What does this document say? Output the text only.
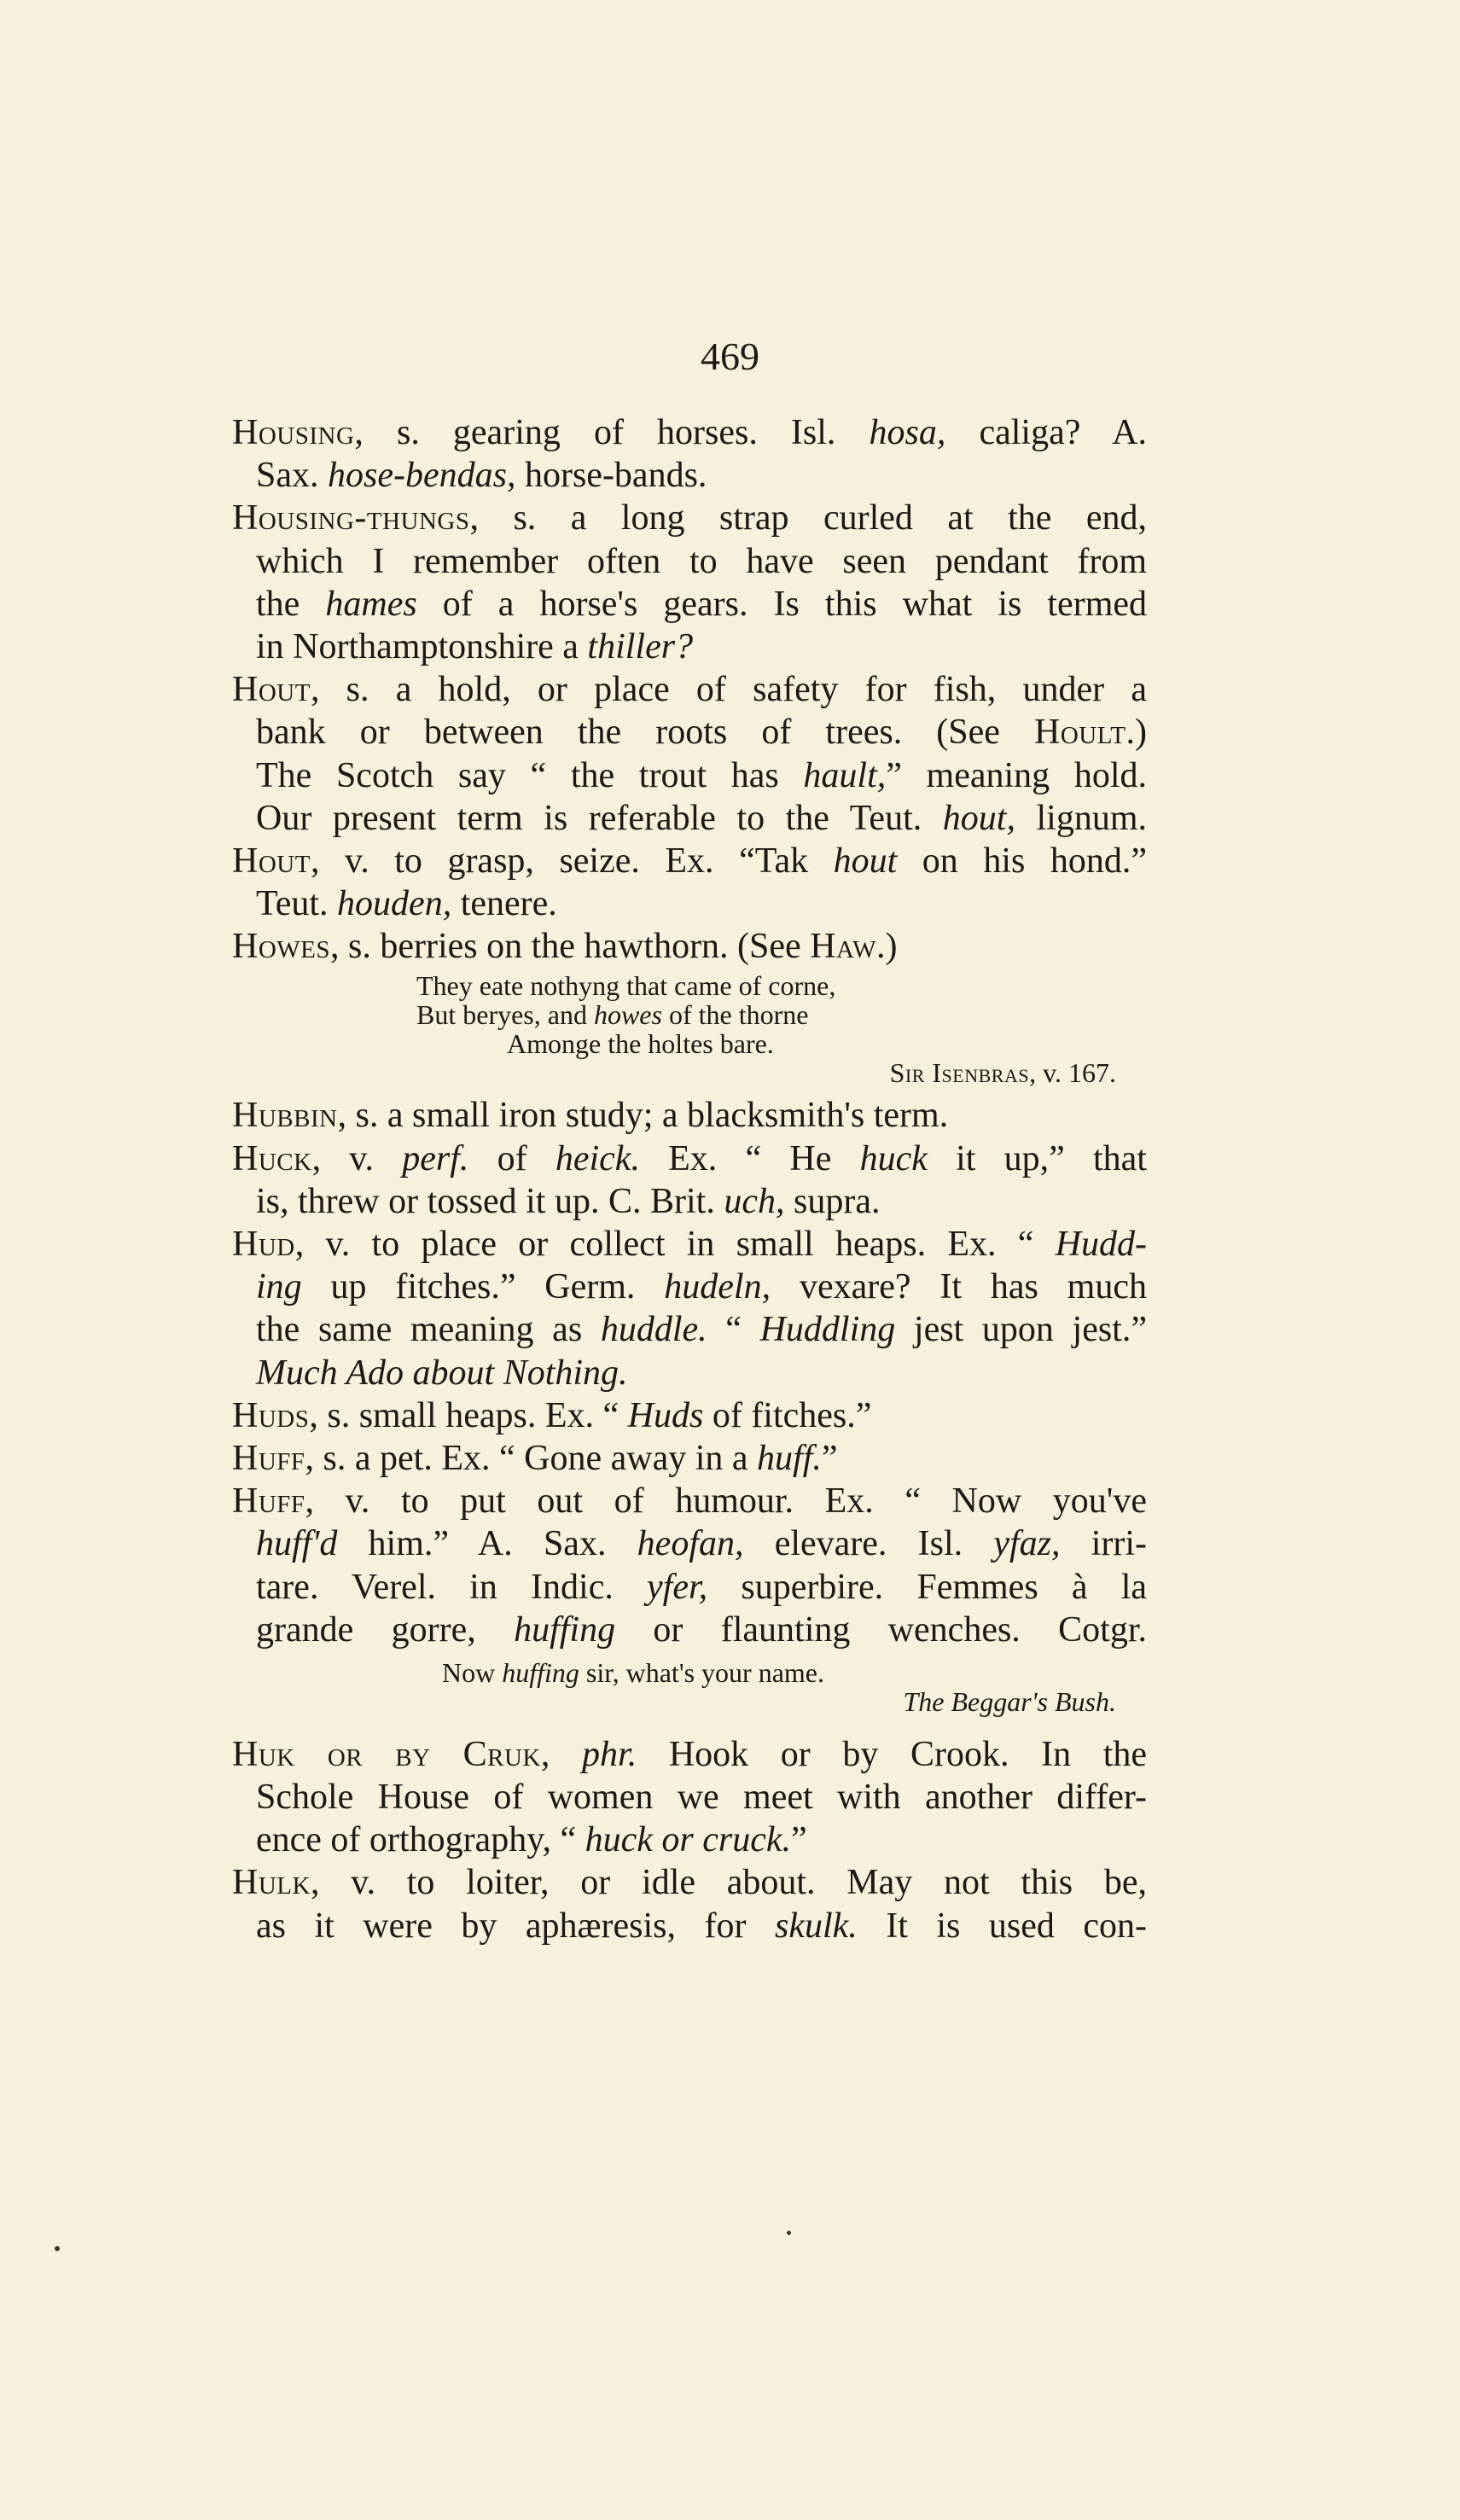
469
Housing, s. gearing of horses. Isl. hosa, caliga? A.
Sax. hose-bendas, horse-bands.
Housing-thungs, s. a long strap curled at the end,
which I remember often to have seen pendant from
the hames of a horse's gears. Is this what is termed
in Northamptonshire a thiller?
Hout, s. a hold, or place of safety for fish, under a
bank or between the roots of trees. (See Hoult.)
The Scotch say “ the trout has hault,” meaning hold.
Our present term is referable to the Teut. hout, lignum.
Hout, v. to grasp, seize. Ex. “Tak hout on his hond.”
Teut. houden, tenere.
Howes, s. berries on the hawthorn. (See Haw.)
They eate nothyng that came of corne,
But beryes, and howes of the thorne
Amonge the holtes bare.
Sir Isenbras, v. 167.
Hubbin, s. a small iron study; a blacksmith's term.
Huck, v. perf. of heick. Ex. “ He huck it up,” that
is, threw or tossed it up. C. Brit. uch, supra.
Hud, v. to place or collect in small heaps. Ex. “ Hudd-
ing up fitches.” Germ. hudeln, vexare? It has much
the same meaning as huddle. “ Huddling jest upon jest.”
Much Ado about Nothing.
Huds, s. small heaps. Ex. “ Huds of fitches.”
Huff, s. a pet. Ex. “ Gone away in a huff.”
Huff, v. to put out of humour. Ex. “ Now you've
huff'd him.” A. Sax. heofan, elevare. Isl. yfaz, irri-
tare. Verel. in Indic. yfer, superbire. Femmes à la
grande gorre, huffing or flaunting wenches. Cotgr.
Now huffing sir, what's your name.
The Beggar's Bush.
Huk or by Cruk, phr. Hook or by Crook. In the
Schole House of women we meet with another differ-
ence of orthography, “ huck or cruck.”
Hulk, v. to loiter, or idle about. May not this be,
as it were by aphæresis, for skulk. It is used con-
